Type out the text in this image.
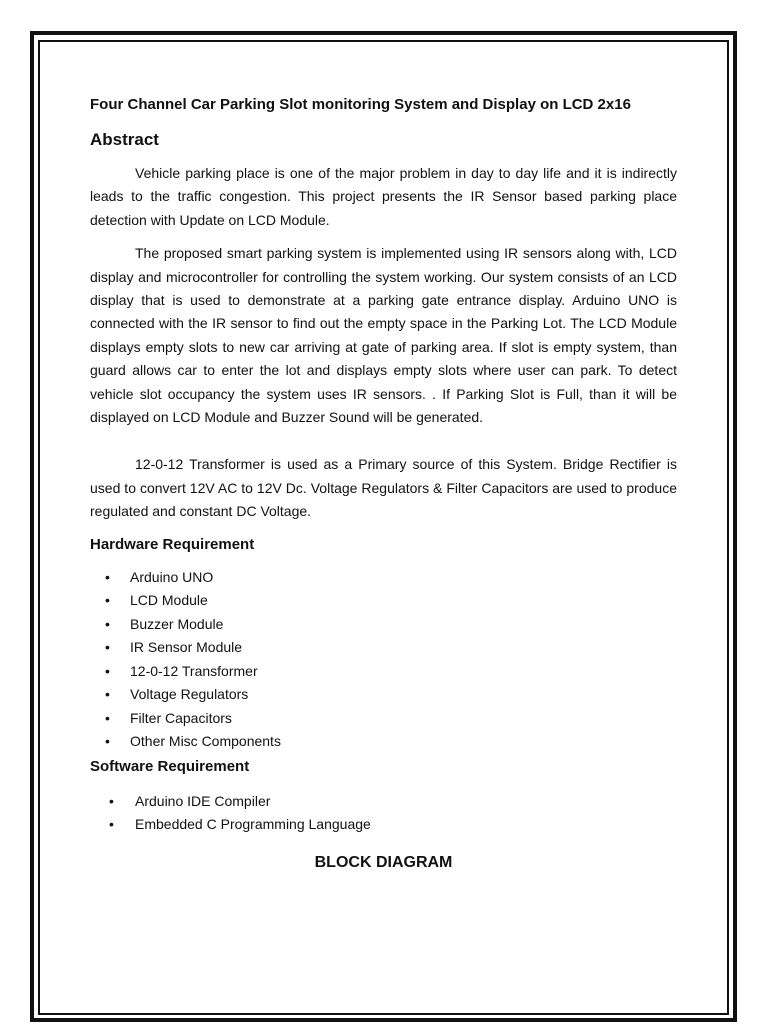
Four Channel Car Parking Slot monitoring System and Display on LCD 2x16
Abstract

Vehicle parking place is one of the major problem in day to day life and it is indirectly leads to the traffic congestion. This project presents the IR Sensor based parking place detection with Update on LCD Module.

The proposed smart parking system is implemented using IR sensors along with, LCD display and microcontroller for controlling the system working. Our system consists of an LCD display that is used to demonstrate at a parking gate entrance display. Arduino UNO is connected with the IR sensor to find out the empty space in the Parking Lot. The LCD Module displays empty slots to new car arriving at gate of parking area. If slot is empty system, than guard allows car to enter the lot and displays empty slots where user can park. To detect vehicle slot occupancy the system uses IR sensors. . If Parking Slot is Full, than it will be displayed on LCD Module and Buzzer Sound will be generated.

12-0-12 Transformer is used as a Primary source of this System. Bridge Rectifier is used to convert 12V AC to 12V Dc. Voltage Regulators & Filter Capacitors are used to produce regulated and constant DC Voltage.

Hardware Requirement
• Arduino UNO
• LCD Module
• Buzzer Module
• IR Sensor Module
• 12-0-12 Transformer
• Voltage Regulators
• Filter Capacitors
• Other Misc Components
Software Requirement
• Arduino IDE Compiler
• Embedded C Programming Language
BLOCK DIAGRAM
